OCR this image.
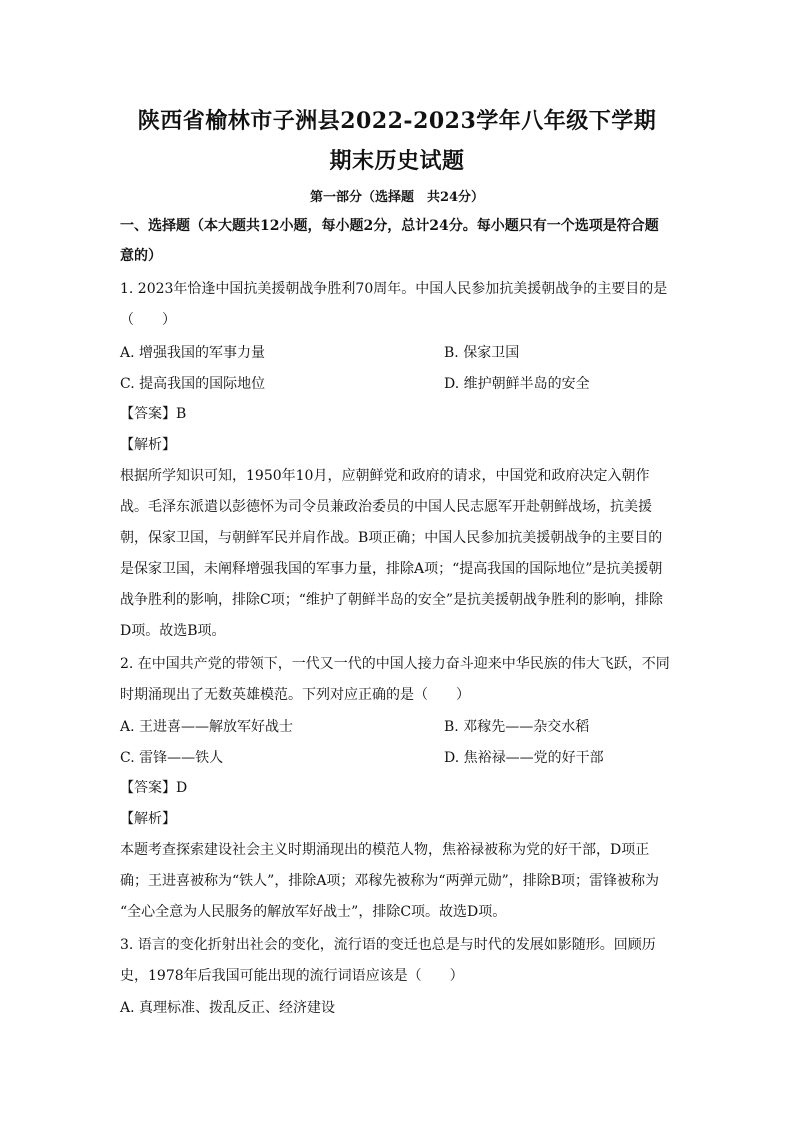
陕西省榆林市子洲县2022-2023学年八年级下学期
期末历史试题
第一部分（选择题　共24分）
一、选择题（本大题共12小题，每小题2分，总计24分。每小题只有一个选项是符合题
意的）
1. 2023年恰逢中国抗美援朝战争胜利70周年。中国人民参加抗美援朝战争的主要目的是
（　　）
A. 增强我国的军事力量	B. 保家卫国
C. 提高我国的国际地位	D. 维护朝鲜半岛的安全
【答案】B
【解析】
根据所学知识可知，1950年10月，应朝鲜党和政府的请求，中国党和政府决定入朝作
战。毛泽东派遣以彭德怀为司令员兼政治委员的中国人民志愿军开赴朝鲜战场，抗美援
朝，保家卫国，与朝鲜军民并肩作战。B项正确；中国人民参加抗美援朝战争的主要目的
是保家卫国，未阐释增强我国的军事力量，排除A项；“提高我国的国际地位”是抗美援朝
战争胜利的影响，排除C项；“维护了朝鲜半岛的安全”是抗美援朝战争胜利的影响，排除
D项。故选B项。
2. 在中国共产党的带领下，一代又一代的中国人接力奋斗迎来中华民族的伟大飞跃，不同
时期涌现出了无数英雄模范。下列对应正确的是（　　）
A. 王进喜——解放军好战士	B. 邓稼先——杂交水稻
C. 雷锋——铁人	D. 焦裕禄——党的好干部
【答案】D
【解析】
本题考查探索建设社会主义时期涌现出的模范人物，焦裕禄被称为党的好干部，D项正
确；王进喜被称为“铁人”，排除A项；邓稼先被称为“两弹元勋”，排除B项；雷锋被称为
“全心全意为人民服务的解放军好战士”，排除C项。故选D项。
3. 语言的变化折射出社会的变化，流行语的变迁也总是与时代的发展如影随形。回顾历
史，1978年后我国可能出现的流行词语应该是（　　）
A. 真理标准、拨乱反正、经济建设
